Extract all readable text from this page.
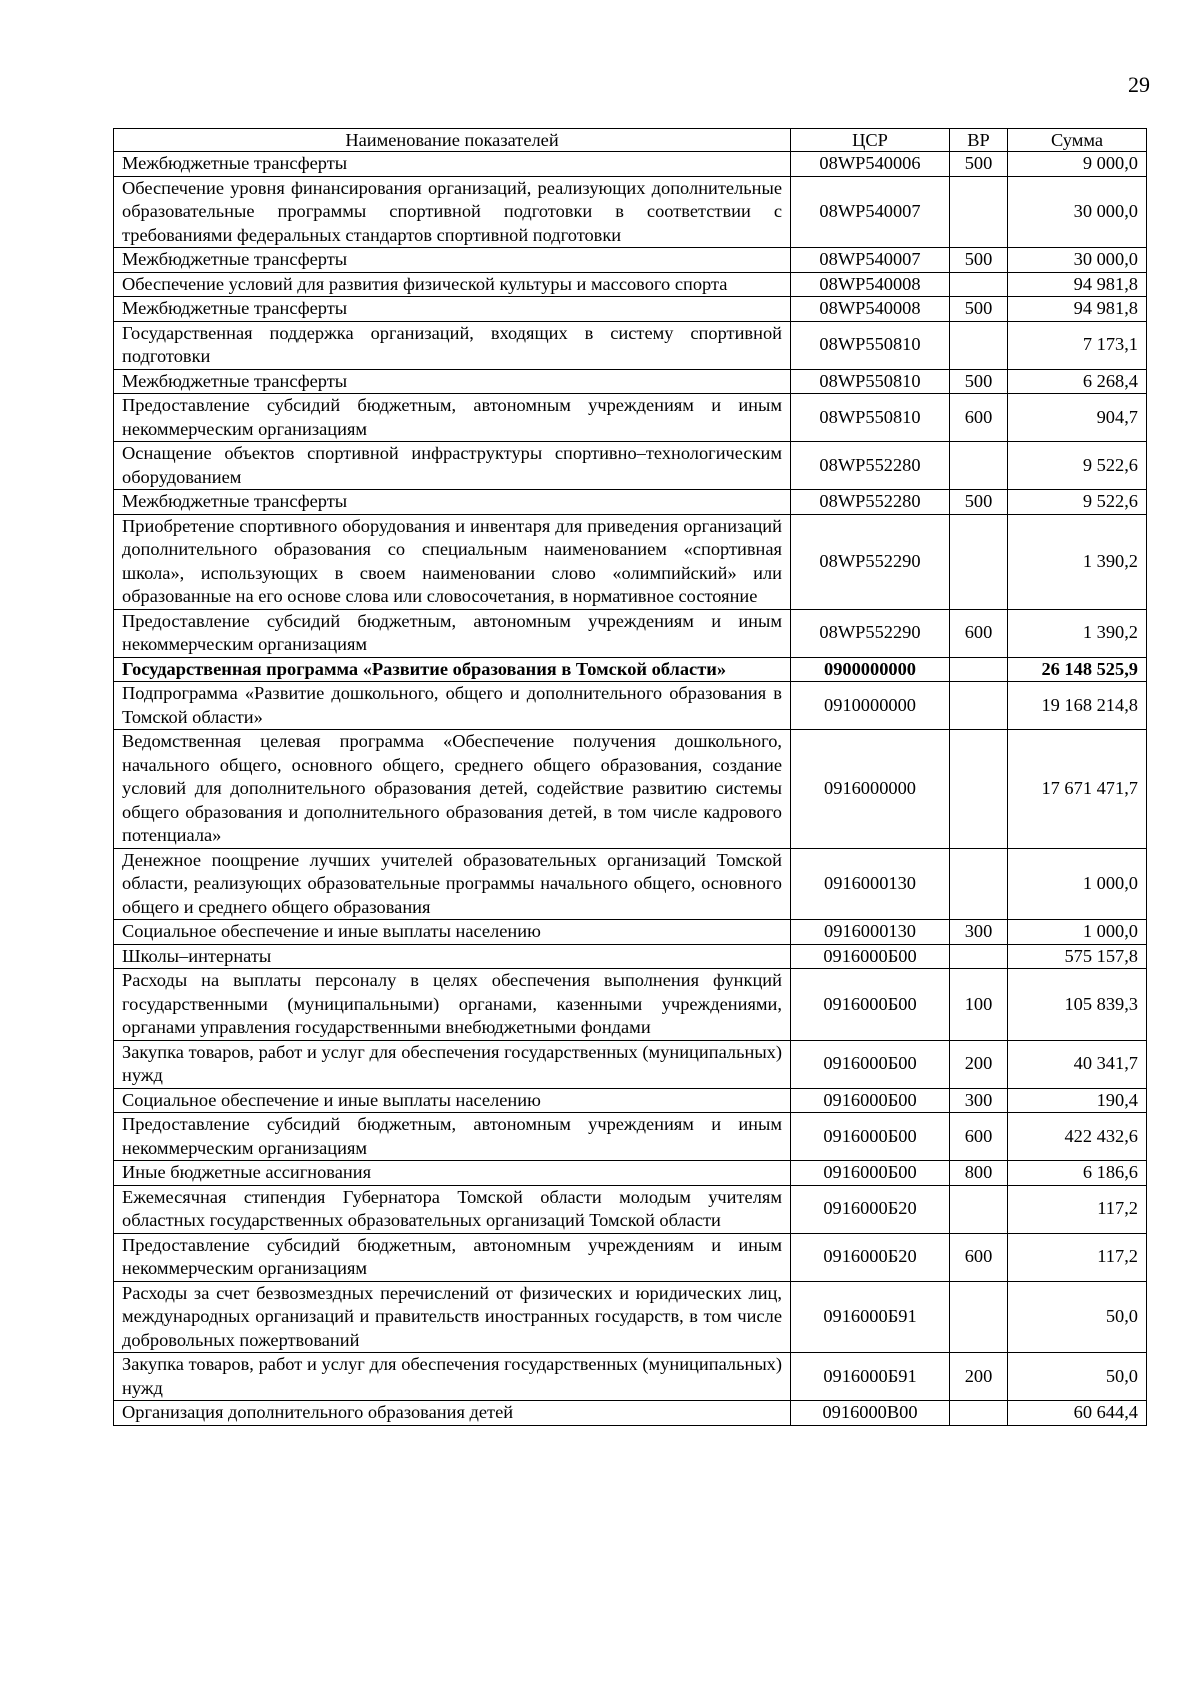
29
Наименование показателей	ЦСР	ВР	Сумма
Межбюджетные трансферты	08WP540006	500	9 000,0
Обеспечение уровня финансирования организаций, реализующих дополнительные образовательные программы спортивной подготовки в соответствии с требованиями федеральных стандартов спортивной подготовки	08WP540007		30 000,0
Межбюджетные трансферты	08WP540007	500	30 000,0
Обеспечение условий для развития физической культуры и массового спорта	08WP540008		94 981,8
Межбюджетные трансферты	08WP540008	500	94 981,8
Государственная поддержка организаций, входящих в систему спортивной подготовки	08WP550810		7 173,1
Межбюджетные трансферты	08WP550810	500	6 268,4
Предоставление субсидий бюджетным, автономным учреждениям и иным некоммерческим организациям	08WP550810	600	904,7
Оснащение объектов спортивной инфраструктуры спортивно–технологическим оборудованием	08WP552280		9 522,6
Межбюджетные трансферты	08WP552280	500	9 522,6
Приобретение спортивного оборудования и инвентаря для приведения организаций дополнительного образования со специальным наименованием «спортивная школа», использующих в своем наименовании слово «олимпийский» или образованные на его основе слова или словосочетания, в нормативное состояние	08WP552290		1 390,2
Предоставление субсидий бюджетным, автономным учреждениям и иным некоммерческим организациям	08WP552290	600	1 390,2
Государственная программа «Развитие образования в Томской области»	0900000000		26 148 525,9
Подпрограмма «Развитие дошкольного, общего и дополнительного образования в Томской области»	0910000000		19 168 214,8
Ведомственная целевая программа «Обеспечение получения дошкольного, начального общего, основного общего, среднего общего образования, создание условий для дополнительного образования детей, содействие развитию системы общего образования и дополнительного образования детей, в том числе кадрового потенциала»	0916000000		17 671 471,7
Денежное поощрение лучших учителей образовательных организаций Томской области, реализующих образовательные программы начального общего, основного общего и среднего общего образования	0916000130		1 000,0
Социальное обеспечение и иные выплаты населению	0916000130	300	1 000,0
Школы–интернаты	0916000Б00		575 157,8
Расходы на выплаты персоналу в целях обеспечения выполнения функций государственными (муниципальными) органами, казенными учреждениями, органами управления государственными внебюджетными фондами	0916000Б00	100	105 839,3
Закупка товаров, работ и услуг для обеспечения государственных (муниципальных) нужд	0916000Б00	200	40 341,7
Социальное обеспечение и иные выплаты населению	0916000Б00	300	190,4
Предоставление субсидий бюджетным, автономным учреждениям и иным некоммерческим организациям	0916000Б00	600	422 432,6
Иные бюджетные ассигнования	0916000Б00	800	6 186,6
Ежемесячная стипендия Губернатора Томской области молодым учителям областных государственных образовательных организаций Томской области	0916000Б20		117,2
Предоставление субсидий бюджетным, автономным учреждениям и иным некоммерческим организациям	0916000Б20	600	117,2
Расходы за счет безвозмездных перечислений от физических и юридических лиц, международных организаций и правительств иностранных государств, в том числе добровольных пожертвований	0916000Б91		50,0
Закупка товаров, работ и услуг для обеспечения государственных (муниципальных) нужд	0916000Б91	200	50,0
Организация дополнительного образования детей	0916000В00		60 644,4
